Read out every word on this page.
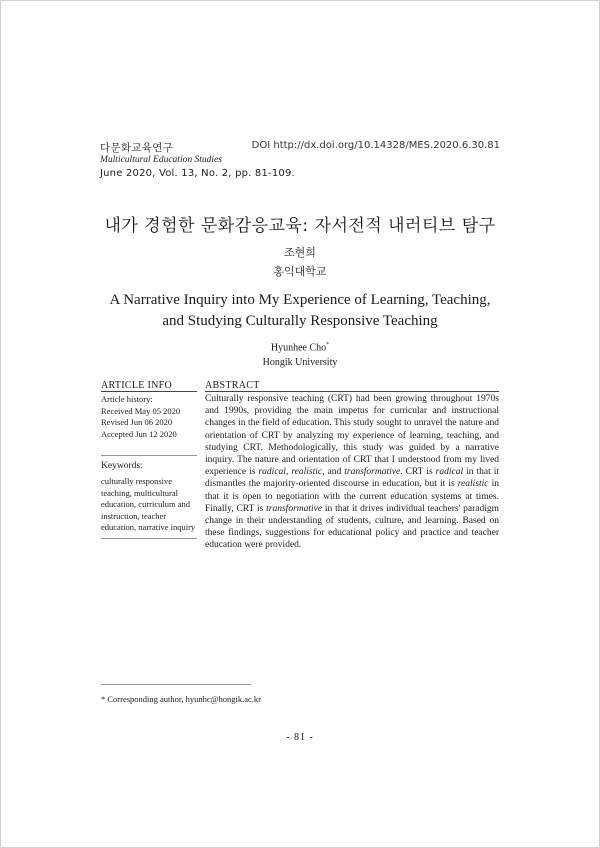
다문화교육연구
Multicultural Education Studies
June 2020, Vol. 13, No. 2, pp. 81-109.
DOI http://dx.doi.org/10.14328/MES.2020.6.30.81
내가 경험한 문화감응교육: 자서전적 내러티브 탐구
조현희
홍익대학교
A Narrative Inquiry into My Experience of Learning, Teaching,
and Studying Culturally Responsive Teaching
Hyunhee Cho*
Hongik University
ARTICLE INFO	ABSTRACT
Article history:
Received May 05 2020
Revised Jun 06 2020
Accepted Jun 12 2020
Keywords:
culturally responsive
teaching, multicultural
education, curriculum and
instruction, teacher
education, narrative inquiry
Culturally responsive teaching (CRT) had been growing throughout 1970s and 1990s, providing the main impetus for curricular and instructional changes in the field of education. This study sought to unravel the nature and orientation of CRT by analyzing my experience of learning, teaching, and studying CRT. Methodologically, this study was guided by a narrative inquiry. The nature and orientation of CRT that I understood from my lived experience is radical, realistic, and transformative. CRT is radical in that it dismantles the majority-oriented discourse in education, but it is realistic in that it is open to negotiation with the current education systems at times. Finally, CRT is transformative in that it drives individual teachers' paradigm change in their understanding of students, culture, and learning. Based on these findings, suggestions for educational policy and practice and teacher education were provided.
* Corresponding author, hyunhc@hongik.ac.kr
- 81 -
